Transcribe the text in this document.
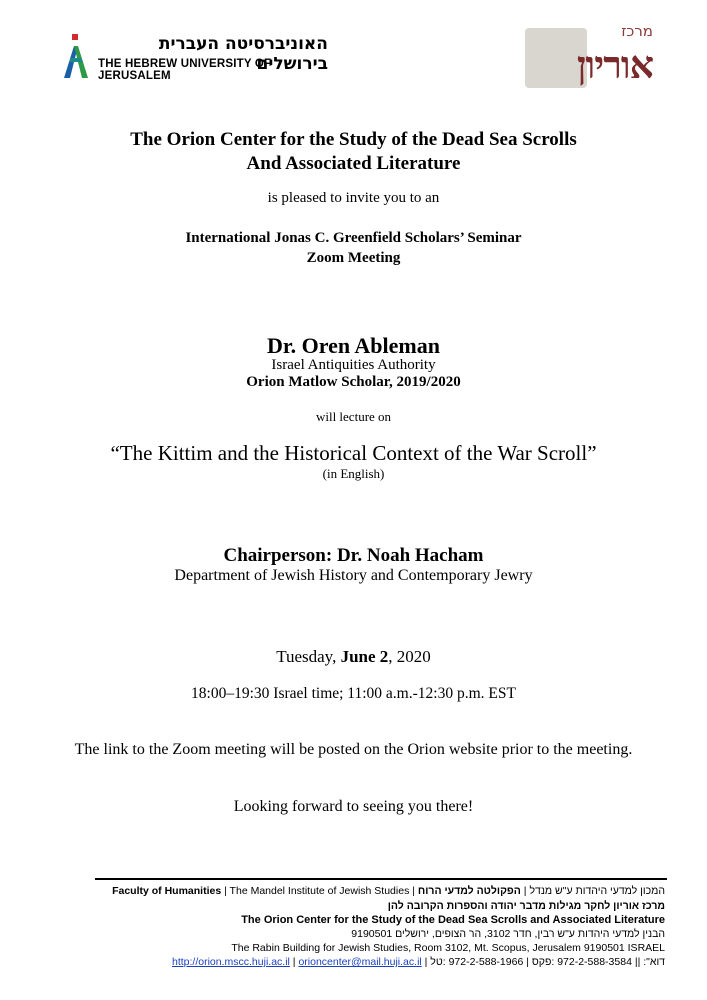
האוניברסיטה העברית בירושלים
THE HEBREW UNIVERSITY OF JERUSALEM
מרכז
אוריון
The Orion Center for the Study of the Dead Sea Scrolls
And Associated Literature
is pleased to invite you to an
International Jonas C. Greenfield Scholars’ Seminar
Zoom Meeting
Dr. Oren Ableman
Israel Antiquities Authority
Orion Matlow Scholar, 2019/2020
will lecture on
“The Kittim and the Historical Context of the War Scroll”
(in English)
Chairperson: Dr. Noah Hacham
Department of Jewish History and Contemporary Jewry
Tuesday, June 2, 2020
18:00–19:30 Israel time; 11:00 a.m.-12:30 p.m. EST
The link to the Zoom meeting will be posted on the Orion website prior to the meeting.
Looking forward to seeing you there!
Faculty of Humanities | The Mandel Institute of Jewish Studies |	המכון למדעי היהדות ע"ש מנדל | הפקולטה למדעי הרוח
מרכז אוריון לחקר מגילות מדבר יהודה והספרות הקרובה להן
The Orion Center for the Study of the Dead Sea Scrolls and Associated Literature
הבנין למדעי היהדות ע"ש רבין, חדר 3102, הר הצופים, ירושלים 9190501
The Rabin Building for Jewish Studies, Room 3102, Mt. Scopus, Jerusalem 9190501 ISRAEL
http://orion.mscc.huji.ac.il | orioncenter@mail.huji.ac.il | דוא": || 972-2-588-3584 :פקס | 972-2-588-1966 :טל
